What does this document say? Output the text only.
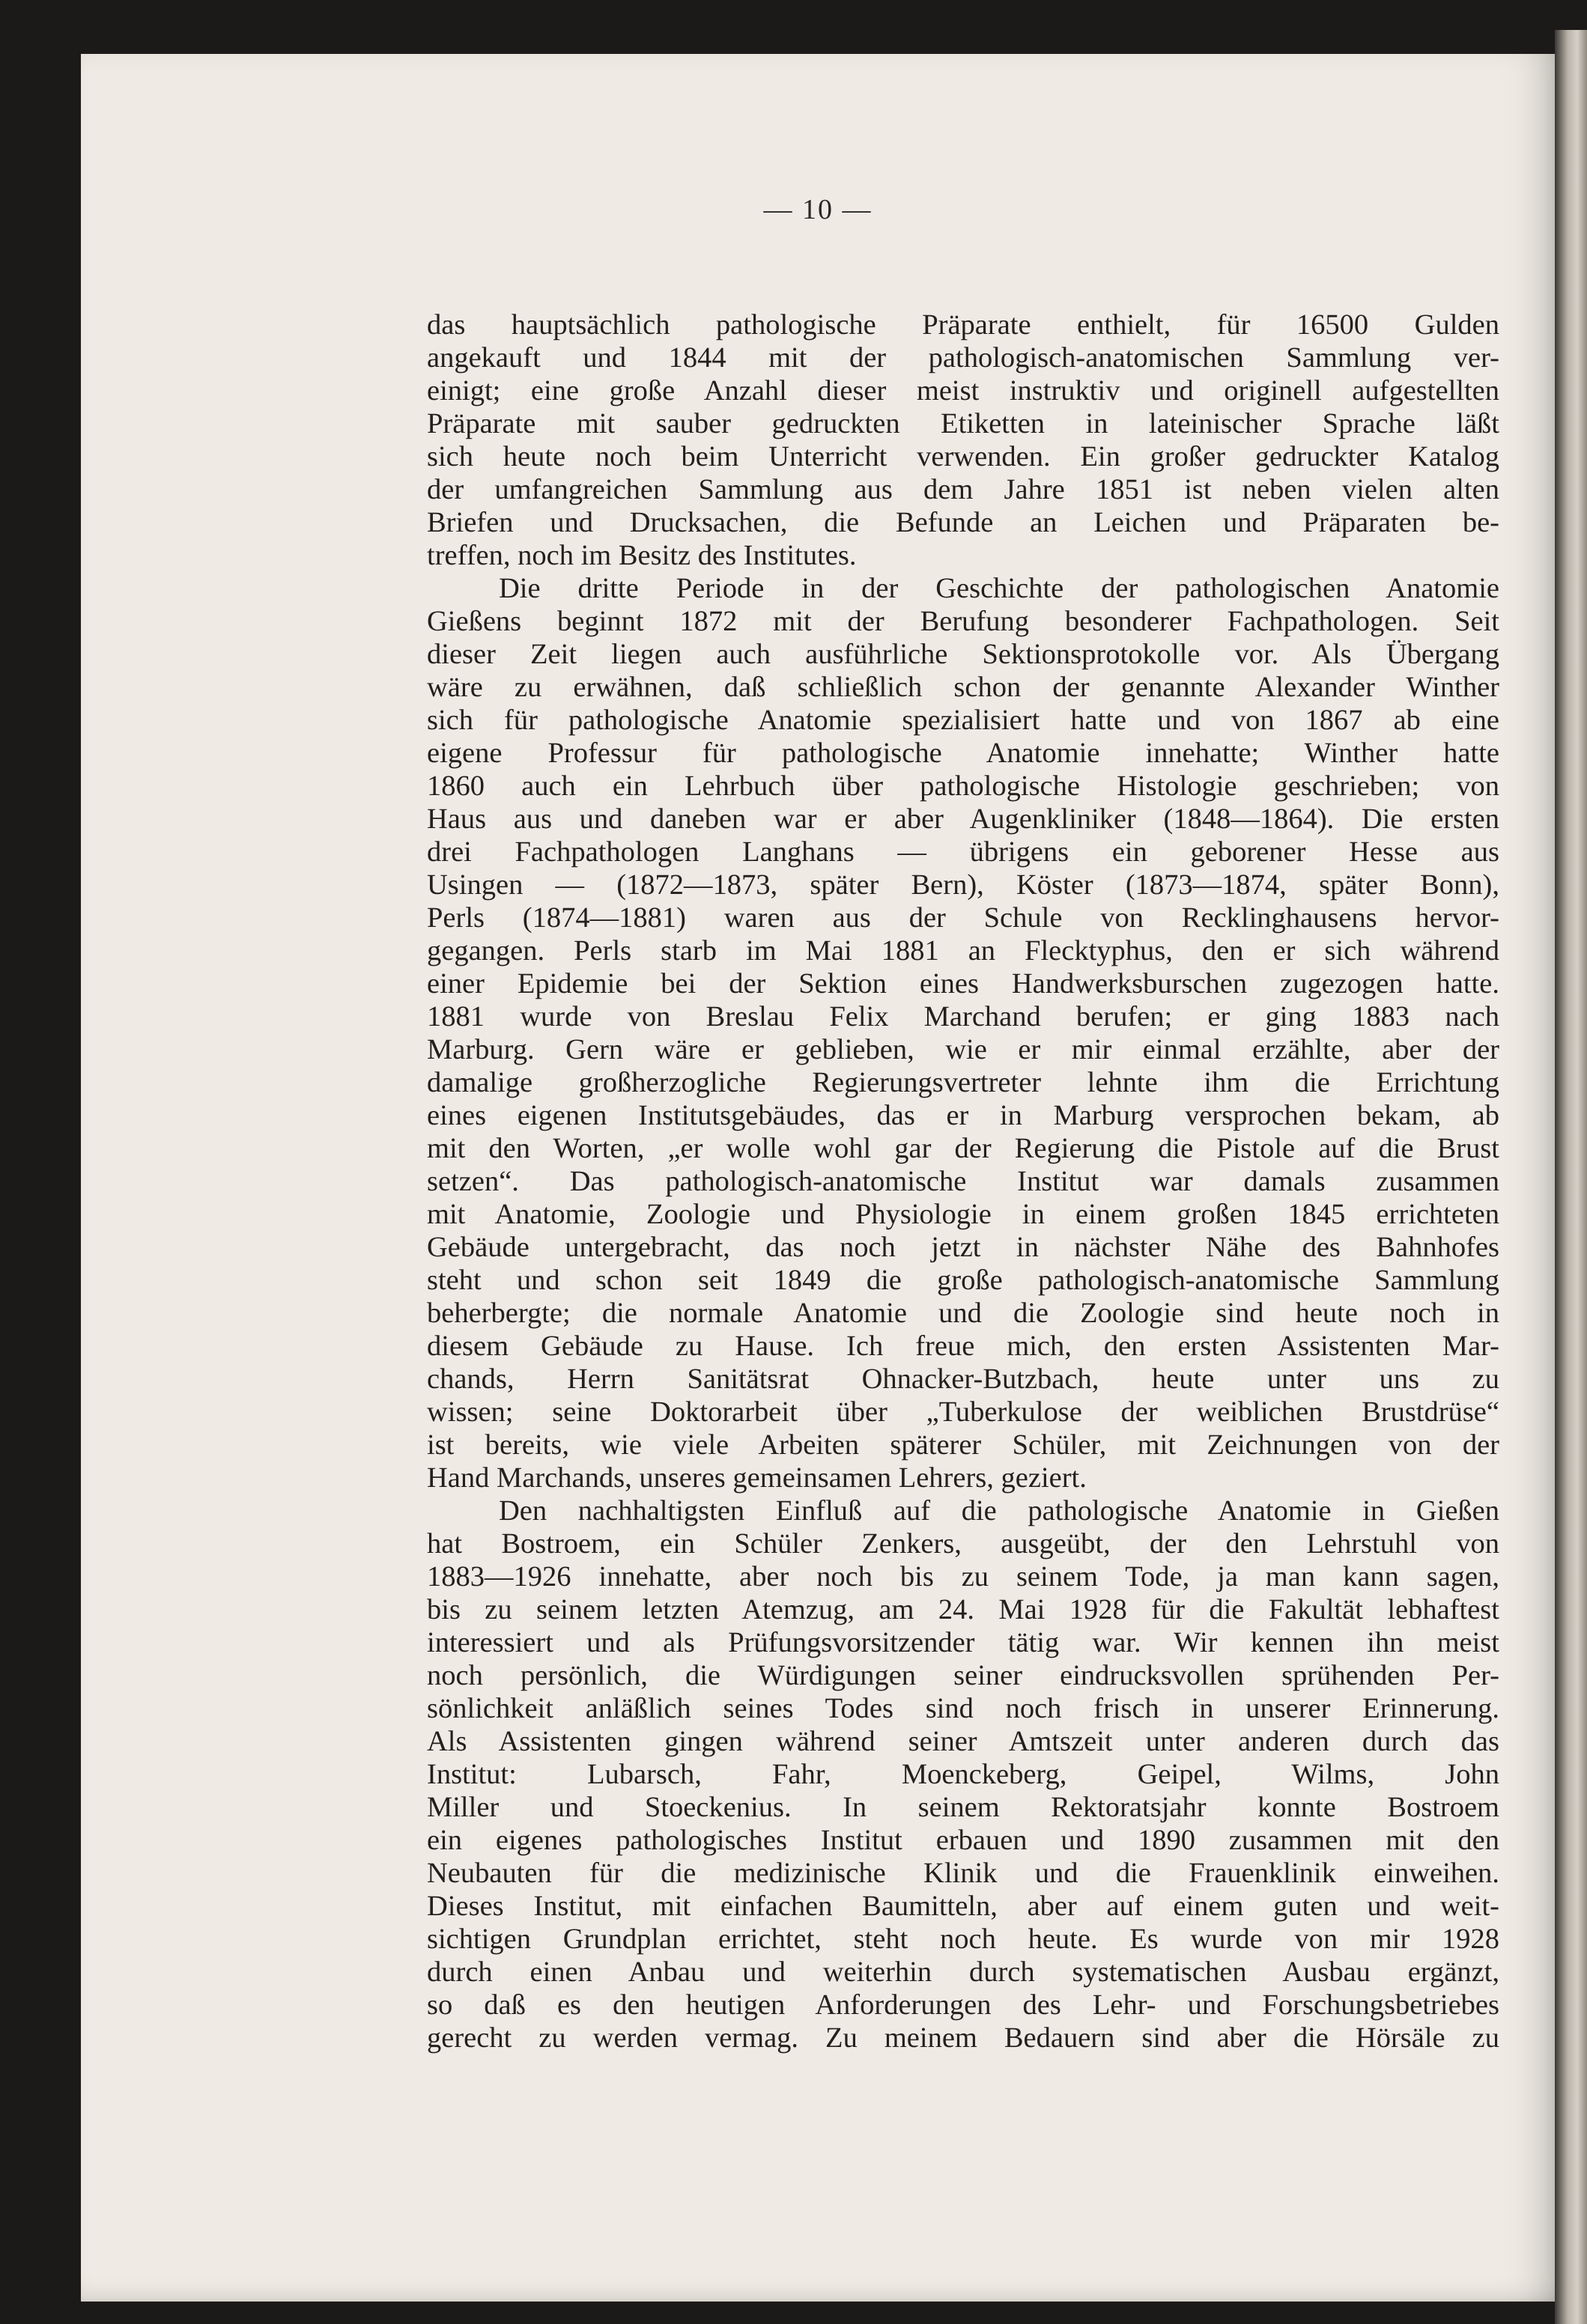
— 10 —
das hauptsächlich pathologische Präparate enthielt, für 16500 Gulden
angekauft und 1844 mit der pathologisch-anatomischen Sammlung ver-
einigt; eine große Anzahl dieser meist instruktiv und originell aufgestellten
Präparate mit sauber gedruckten Etiketten in lateinischer Sprache läßt
sich heute noch beim Unterricht verwenden. Ein großer gedruckter Katalog
der umfangreichen Sammlung aus dem Jahre 1851 ist neben vielen alten
Briefen und Drucksachen, die Befunde an Leichen und Präparaten be-
treffen, noch im Besitz des Institutes.
Die dritte Periode in der Geschichte der pathologischen Anatomie
Gießens beginnt 1872 mit der Berufung besonderer Fachpathologen. Seit
dieser Zeit liegen auch ausführliche Sektionsprotokolle vor. Als Übergang
wäre zu erwähnen, daß schließlich schon der genannte Alexander Winther
sich für pathologische Anatomie spezialisiert hatte und von 1867 ab eine
eigene Professur für pathologische Anatomie innehatte; Winther hatte
1860 auch ein Lehrbuch über pathologische Histologie geschrieben; von
Haus aus und daneben war er aber Augenkliniker (1848—1864). Die ersten
drei Fachpathologen Langhans — übrigens ein geborener Hesse aus
Usingen — (1872—1873, später Bern), Köster (1873—1874, später Bonn),
Perls (1874—1881) waren aus der Schule von Recklinghausens hervor-
gegangen. Perls starb im Mai 1881 an Flecktyphus, den er sich während
einer Epidemie bei der Sektion eines Handwerksburschen zugezogen hatte.
1881 wurde von Breslau Felix Marchand berufen; er ging 1883 nach
Marburg. Gern wäre er geblieben, wie er mir einmal erzählte, aber der
damalige großherzogliche Regierungsvertreter lehnte ihm die Errichtung
eines eigenen Institutsgebäudes, das er in Marburg versprochen bekam, ab
mit den Worten, „er wolle wohl gar der Regierung die Pistole auf die Brust
setzen“. Das pathologisch-anatomische Institut war damals zusammen
mit Anatomie, Zoologie und Physiologie in einem großen 1845 errichteten
Gebäude untergebracht, das noch jetzt in nächster Nähe des Bahnhofes
steht und schon seit 1849 die große pathologisch-anatomische Sammlung
beherbergte; die normale Anatomie und die Zoologie sind heute noch in
diesem Gebäude zu Hause. Ich freue mich, den ersten Assistenten Mar-
chands, Herrn Sanitätsrat Ohnacker-Butzbach, heute unter uns zu
wissen; seine Doktorarbeit über „Tuberkulose der weiblichen Brustdrüse“
ist bereits, wie viele Arbeiten späterer Schüler, mit Zeichnungen von der
Hand Marchands, unseres gemeinsamen Lehrers, geziert.
Den nachhaltigsten Einfluß auf die pathologische Anatomie in Gießen
hat Bostroem, ein Schüler Zenkers, ausgeübt, der den Lehrstuhl von
1883—1926 innehatte, aber noch bis zu seinem Tode, ja man kann sagen,
bis zu seinem letzten Atemzug, am 24. Mai 1928 für die Fakultät lebhaftest
interessiert und als Prüfungsvorsitzender tätig war. Wir kennen ihn meist
noch persönlich, die Würdigungen seiner eindrucksvollen sprühenden Per-
sönlichkeit anläßlich seines Todes sind noch frisch in unserer Erinnerung.
Als Assistenten gingen während seiner Amtszeit unter anderen durch das
Institut: Lubarsch, Fahr, Moenckeberg, Geipel, Wilms, John
Miller und Stoeckenius. In seinem Rektoratsjahr konnte Bostroem
ein eigenes pathologisches Institut erbauen und 1890 zusammen mit den
Neubauten für die medizinische Klinik und die Frauenklinik einweihen.
Dieses Institut, mit einfachen Baumitteln, aber auf einem guten und weit-
sichtigen Grundplan errichtet, steht noch heute. Es wurde von mir 1928
durch einen Anbau und weiterhin durch systematischen Ausbau ergänzt,
so daß es den heutigen Anforderungen des Lehr- und Forschungsbetriebes
gerecht zu werden vermag. Zu meinem Bedauern sind aber die Hörsäle zu
